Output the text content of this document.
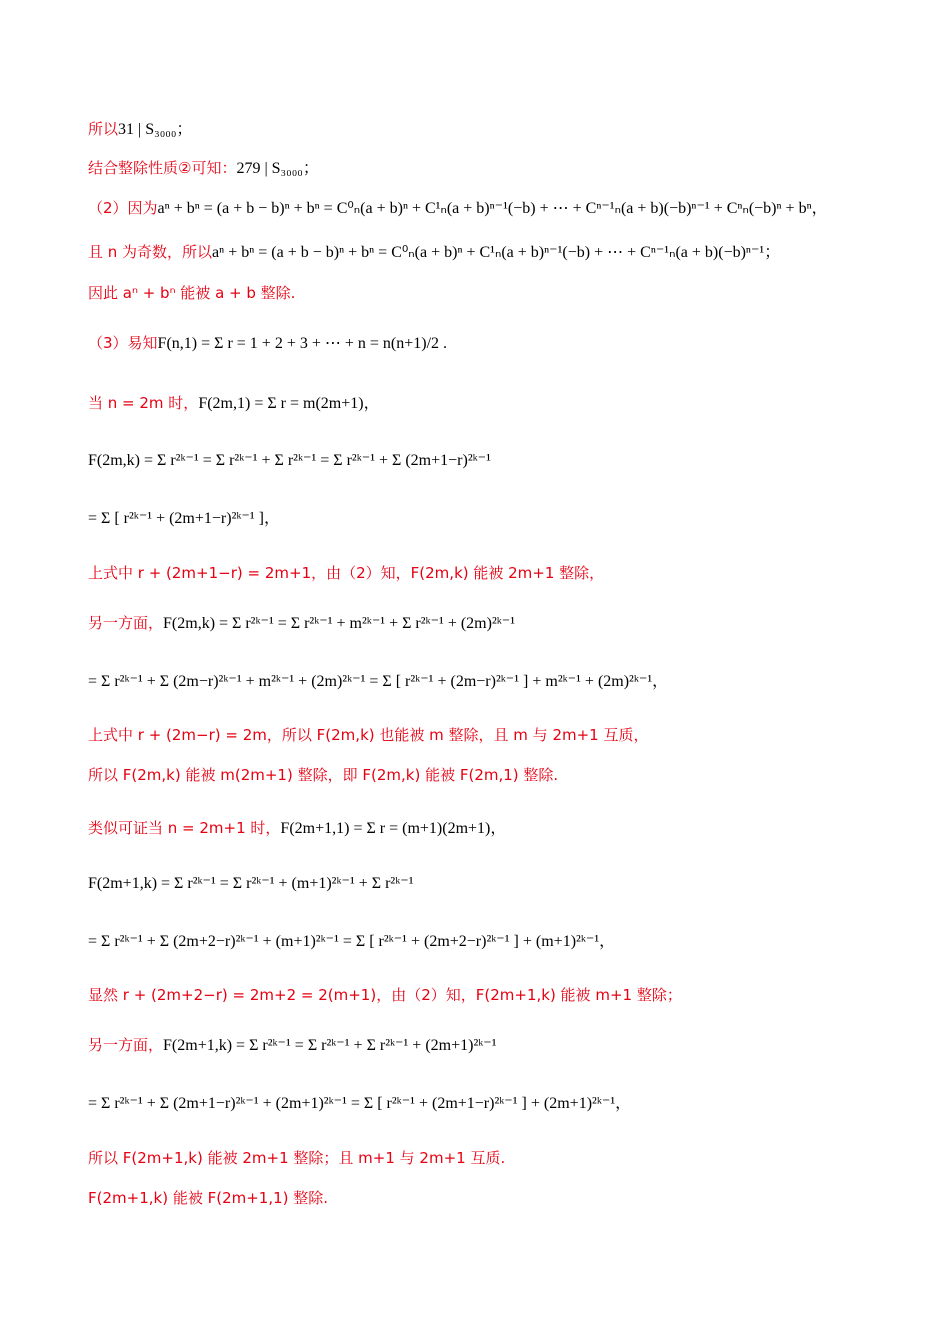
所以31 | S₃₀₀₀；
结合整除性质②可知：279 | S₃₀₀₀；
（2）因为aⁿ + bⁿ = (a + b − b)ⁿ + bⁿ = C⁰ₙ(a + b)ⁿ + C¹ₙ(a + b)ⁿ⁻¹(−b) + ⋯ + Cⁿ⁻¹ₙ(a + b)(−b)ⁿ⁻¹ + Cⁿₙ(−b)ⁿ + bⁿ，
且 n 为奇数，所以aⁿ + bⁿ = (a + b − b)ⁿ + bⁿ = C⁰ₙ(a + b)ⁿ + C¹ₙ(a + b)ⁿ⁻¹(−b) + ⋯ + Cⁿ⁻¹ₙ(a + b)(−b)ⁿ⁻¹；
因此 aⁿ + bⁿ 能被 a + b 整除.
（3）易知F(n,1) = Σ r = 1 + 2 + 3 + ⋯ + n = n(n+1)/2 .
当 n = 2m 时，F(2m,1) = Σ r = m(2m+1)，
F(2m,k) = Σ r²ᵏ⁻¹ = Σ r²ᵏ⁻¹ + Σ r²ᵏ⁻¹ = Σ r²ᵏ⁻¹ + Σ (2m+1−r)²ᵏ⁻¹
= Σ [ r²ᵏ⁻¹ + (2m+1−r)²ᵏ⁻¹ ]，
上式中 r + (2m+1−r) = 2m+1，由（2）知，F(2m,k) 能被 2m+1 整除，
另一方面，F(2m,k) = Σ r²ᵏ⁻¹ = Σ r²ᵏ⁻¹ + m²ᵏ⁻¹ + Σ r²ᵏ⁻¹ + (2m)²ᵏ⁻¹
= Σ r²ᵏ⁻¹ + Σ (2m−r)²ᵏ⁻¹ + m²ᵏ⁻¹ + (2m)²ᵏ⁻¹ = Σ [ r²ᵏ⁻¹ + (2m−r)²ᵏ⁻¹ ] + m²ᵏ⁻¹ + (2m)²ᵏ⁻¹，
上式中 r + (2m−r) = 2m，所以 F(2m,k) 也能被 m 整除，且 m 与 2m+1 互质，
所以 F(2m,k) 能被 m(2m+1) 整除，即 F(2m,k) 能被 F(2m,1) 整除.
类似可证当 n = 2m+1 时，F(2m+1,1) = Σ r = (m+1)(2m+1)，
F(2m+1,k) = Σ r²ᵏ⁻¹ = Σ r²ᵏ⁻¹ + (m+1)²ᵏ⁻¹ + Σ r²ᵏ⁻¹
= Σ r²ᵏ⁻¹ + Σ (2m+2−r)²ᵏ⁻¹ + (m+1)²ᵏ⁻¹ = Σ [ r²ᵏ⁻¹ + (2m+2−r)²ᵏ⁻¹ ] + (m+1)²ᵏ⁻¹，
显然 r + (2m+2−r) = 2m+2 = 2(m+1)，由（2）知，F(2m+1,k) 能被 m+1 整除；
另一方面，F(2m+1,k) = Σ r²ᵏ⁻¹ = Σ r²ᵏ⁻¹ + Σ r²ᵏ⁻¹ + (2m+1)²ᵏ⁻¹
= Σ r²ᵏ⁻¹ + Σ (2m+1−r)²ᵏ⁻¹ + (2m+1)²ᵏ⁻¹ = Σ [ r²ᵏ⁻¹ + (2m+1−r)²ᵏ⁻¹ ] + (2m+1)²ᵏ⁻¹，
所以 F(2m+1,k) 能被 2m+1 整除；且 m+1 与 2m+1 互质.
F(2m+1,k) 能被 F(2m+1,1) 整除.
